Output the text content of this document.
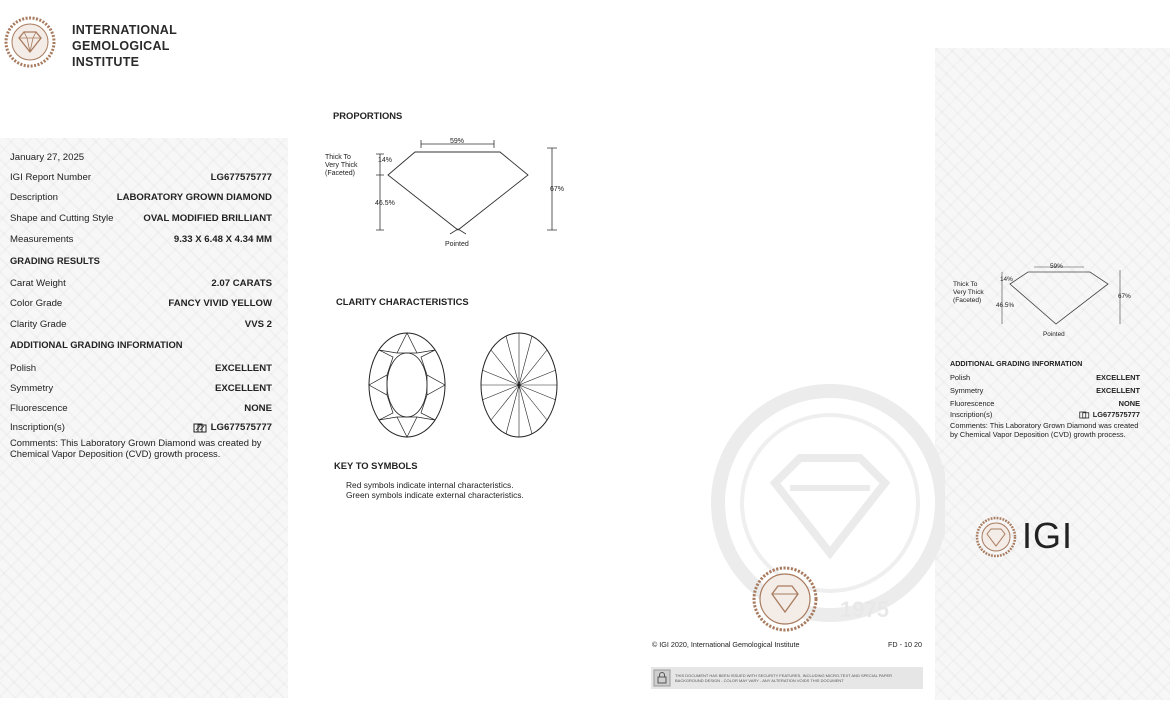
INTERNATIONAL
GEMOLOGICAL
INSTITUTE
January 27, 2025
IGI Report Number	LG677575777
Description	LABORATORY GROWN DIAMOND
Shape and Cutting Style	OVAL MODIFIED BRILLIANT
Measurements	9.33 X 6.48 X 4.34 MM
GRADING RESULTS
Carat Weight	2.07 CARATS
Color Grade	FANCY VIVID YELLOW
Clarity Grade	VVS 2
ADDITIONAL GRADING INFORMATION
Polish	EXCELLENT
Symmetry	EXCELLENT
Fluorescence	NONE
Inscription(s)	LG677575777
Comments: This Laboratory Grown Diamond was created by Chemical Vapor Deposition (CVD) growth process.
PROPORTIONS
59%
14%
Thick To
Very Thick
(Faceted)
46.5%
67%
Pointed
CLARITY CHARACTERISTICS
KEY TO SYMBOLS
Red symbols indicate internal characteristics.
Green symbols indicate external characteristics.
1975
© IGI 2020, International Gemological Institute	FD - 10 20
THIS DOCUMENT HAS BEEN ISSUED WITH SECURITY FEATURES, INCLUDING MICRO-TEXT AND SPECIAL PAPER
BACKGROUND DESIGN - COLOR MAY VARY - ANY ALTERATION VOIDS THIS DOCUMENT
59%
14%
Thick To
Very Thick
(Faceted)
46.5%
67%
Pointed
ADDITIONAL GRADING INFORMATION
Polish	EXCELLENT
Symmetry	EXCELLENT
Fluorescence	NONE
Inscription(s)	LG677575777
Comments: This Laboratory Grown Diamond was created by Chemical Vapor Deposition (CVD) growth process.
IGI
